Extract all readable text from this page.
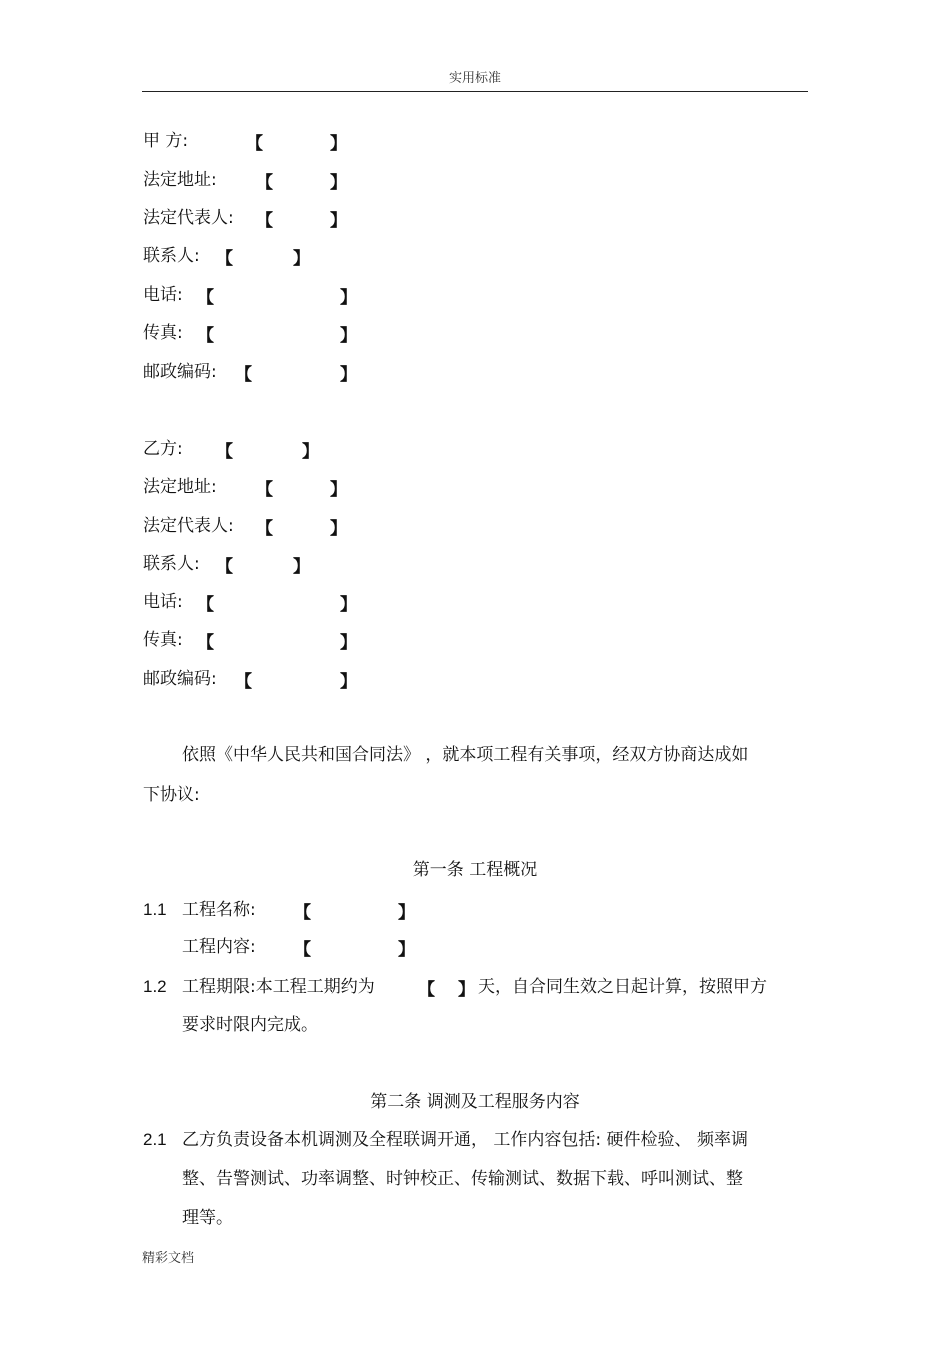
实用标准
甲 方:	【	】
法定地址: 【	】
法定代表人: 【	】
联系人: 【	】
电话: 【	】
传真: 【	】
邮政编码: 【	】
乙方: 【	】
法定地址: 【	】
法定代表人: 【	】
联系人: 【	】
电话: 【	】
传真: 【	】
邮政编码: 【	】
依照《中华人民共和国合同法》 ，就本项工程有关事项，经双方协商达成如
下协议:
第一条 工程概况
1.1 工程名称: 【	】
工程内容: 【	】
1.2 工程期限:本工程工期约为	【 】 天，自合同生效之日起计算，按照甲方
要求时限内完成。
第二条 调测及工程服务内容
2.1 乙方负责设备本机调测及全程联调开通， 工作内容包括: 硬件检验、 频率调
整、告警测试、功率调整、时钟校正、传输测试、数据下载、呼叫测试、整
理等。
精彩文档
